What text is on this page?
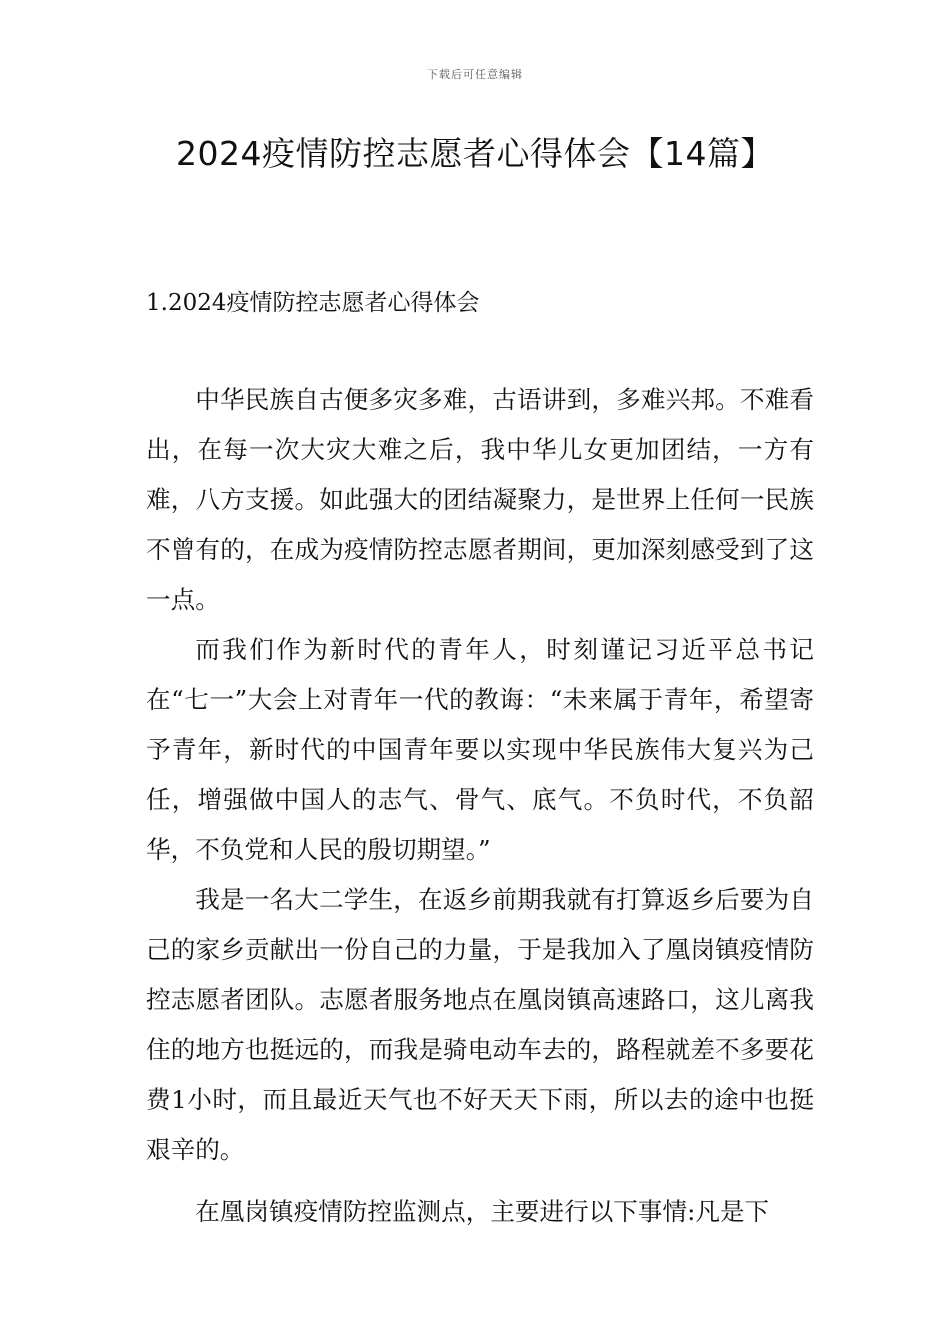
下载后可任意编辑
2024疫情防控志愿者心得体会【14篇】
1.2024疫情防控志愿者心得体会

中华民族自古便多灾多难，古语讲到，多难兴邦。不难看出，在每一次大灾大难之后，我中华儿女更加团结，一方有难，八方支援。如此强大的团结凝聚力，是世界上任何一民族不曾有的，在成为疫情防控志愿者期间，更加深刻感受到了这一点。

而我们作为新时代的青年人，时刻谨记习近平总书记在“七一”大会上对青年一代的教诲：“未来属于青年，希望寄予青年，新时代的中国青年要以实现中华民族伟大复兴为己任，增强做中国人的志气、骨气、底气。不负时代，不负韶华，不负党和人民的殷切期望。”

我是一名大二学生，在返乡前期我就有打算返乡后要为自己的家乡贡献出一份自己的力量，于是我加入了凰岗镇疫情防控志愿者团队。志愿者服务地点在凰岗镇高速路口，这儿离我住的地方也挺远的，而我是骑电动车去的，路程就差不多要花费1小时，而且最近天气也不好天天下雨，所以去的途中也挺艰辛的。

在凰岗镇疫情防控监测点，主要进行以下事情:凡是下
